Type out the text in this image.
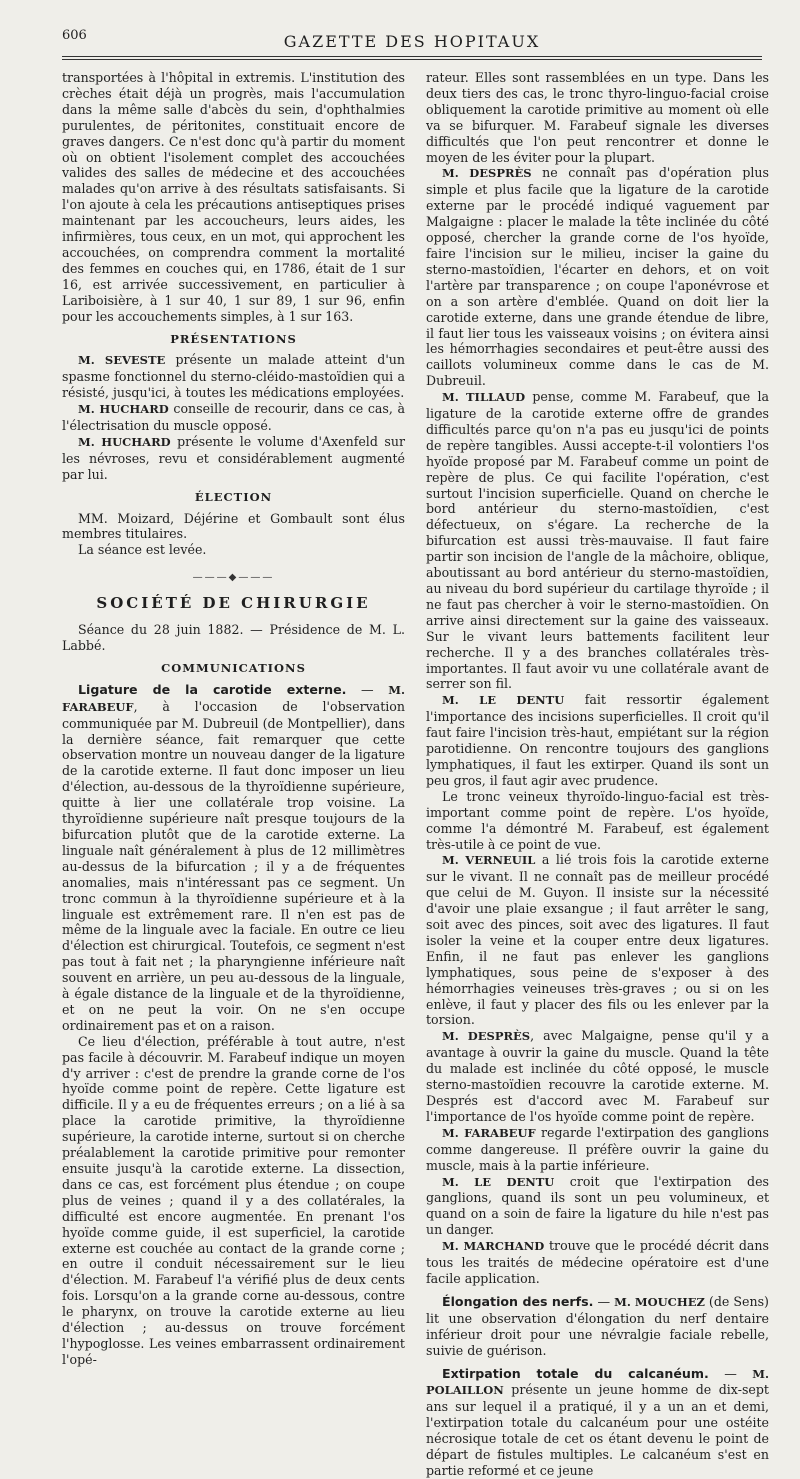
606	GAZETTE DES HOPITAUX

transportées à l'hôpital in extremis. L'institution des crèches était déjà un progrès, mais l'accumulation dans la même salle d'abcès du sein, d'ophthalmies purulentes, de péritonites, constituait encore de graves dangers. Ce n'est donc qu'à partir du moment où on obtient l'isolement complet des accouchées valides des salles de médecine et des accouchées malades qu'on arrive à des résultats satisfaisants. Si l'on ajoute à cela les précautions antiseptiques prises maintenant par les accoucheurs, leurs aides, les infirmières, tous ceux, en un mot, qui approchent les accouchées, on comprendra comment la mortalité des femmes en couches qui, en 1786, était de 1 sur 16, est arrivée successivement, en particulier à Lariboisière, à 1 sur 40, 1 sur 89, 1 sur 96, enfin pour les accouchements simples, à 1 sur 163.

PRÉSENTATIONS

M. SEVESTE présente un malade atteint d'un spasme fonctionnel du sterno-cléido-mastoïdien qui a résisté, jusqu'ici, à toutes les médications employées.

M. HUCHARD conseille de recourir, dans ce cas, à l'électrisation du muscle opposé.

M. HUCHARD présente le volume d'Axenfeld sur les névroses, revu et considérablement augmenté par lui.

ÉLECTION

MM. Moizard, Déjérine et Gombault sont élus membres titulaires.

La séance est levée.

———◆———
SOCIÉTÉ DE CHIRURGIE

Séance du 28 juin 1882. — Présidence de M. L. Labbé.

COMMUNICATIONS

Ligature de la carotide externe. — M. FARABEUF, à l'occasion de l'observation communiquée par M. Dubreuil (de Montpellier), dans la dernière séance, fait remarquer que cette observation montre un nouveau danger de la ligature de la carotide externe. Il faut donc imposer un lieu d'élection, au-dessous de la thyroïdienne supérieure, quitte à lier une collatérale trop voisine. La thyroïdienne supérieure naît presque toujours de la bifurcation plutôt que de la carotide externe. La linguale naît généralement à plus de 12 millimètres au-dessus de la bifurcation ; il y a de fréquentes anomalies, mais n'intéressant pas ce segment. Un tronc commun à la thyroïdienne supérieure et à la linguale est extrêmement rare. Il n'en est pas de même de la linguale avec la faciale. En outre ce lieu d'élection est chirurgical. Toutefois, ce segment n'est pas tout à fait net ; la pharyngienne inférieure naît souvent en arrière, un peu au-dessous de la linguale, à égale distance de la linguale et de la thyroïdienne, et on ne peut la voir. On ne s'en occupe ordinairement pas et on a raison.

Ce lieu d'élection, préférable à tout autre, n'est pas facile à découvrir. M. Farabeuf indique un moyen d'y arriver : c'est de prendre la grande corne de l'os hyoïde comme point de repère. Cette ligature est difficile. Il y a eu de fréquentes erreurs ; on a lié à sa place la carotide primitive, la thyroïdienne supérieure, la carotide interne, surtout si on cherche préalablement la carotide primitive pour remonter ensuite jusqu'à la carotide externe. La dissection, dans ce cas, est forcément plus étendue ; on coupe plus de veines ; quand il y a des collatérales, la difficulté est encore augmentée. En prenant l'os hyoïde comme guide, il est superficiel, la carotide externe est couchée au contact de la grande corne ; en outre il conduit nécessairement sur le lieu d'élection. M. Farabeuf l'a vérifié plus de deux cents fois. Lorsqu'on a la grande corne au-dessous, contre le pharynx, on trouve la carotide externe au lieu d'élection ; au-dessus on trouve forcément l'hypoglosse. Les veines embarrassent ordinairement l'opé-

rateur. Elles sont rassemblées en un type. Dans les deux tiers des cas, le tronc thyro-linguo-facial croise obliquement la carotide primitive au moment où elle va se bifurquer. M. Farabeuf signale les diverses difficultés que l'on peut rencontrer et donne le moyen de les éviter pour la plupart.

M. DESPRÈS ne connaît pas d'opération plus simple et plus facile que la ligature de la carotide externe par le procédé indiqué vaguement par Malgaigne : placer le malade la tête inclinée du côté opposé, chercher la grande corne de l'os hyoïde, faire l'incision sur le milieu, inciser la gaine du sterno-mastoïdien, l'écarter en dehors, et on voit l'artère par transparence ; on coupe l'aponévrose et on a son artère d'emblée. Quand on doit lier la carotide externe, dans une grande étendue de libre, il faut lier tous les vaisseaux voisins ; on évitera ainsi les hémorrhagies secondaires et peut-être aussi des caillots volumineux comme dans le cas de M. Dubreuil.

M. TILLAUD pense, comme M. Farabeuf, que la ligature de la carotide externe offre de grandes difficultés parce qu'on n'a pas eu jusqu'ici de points de repère tangibles. Aussi accepte-t-il volontiers l'os hyoïde proposé par M. Farabeuf comme un point de repère de plus. Ce qui facilite l'opération, c'est surtout l'incision superficielle. Quand on cherche le bord antérieur du sterno-mastoïdien, c'est défectueux, on s'égare. La recherche de la bifurcation est aussi très-mauvaise. Il faut faire partir son incision de l'angle de la mâchoire, oblique, aboutissant au bord antérieur du sterno-mastoïdien, au niveau du bord supérieur du cartilage thyroïde ; il ne faut pas chercher à voir le sterno-mastoïdien. On arrive ainsi directement sur la gaine des vaisseaux. Sur le vivant leurs battements facilitent leur recherche. Il y a des branches collatérales très-importantes. Il faut avoir vu une collatérale avant de serrer son fil.

M. LE DENTU fait ressortir également l'importance des incisions superficielles. Il croit qu'il faut faire l'incision très-haut, empiétant sur la région parotidienne. On rencontre toujours des ganglions lymphatiques, il faut les extirper. Quand ils sont un peu gros, il faut agir avec prudence.

Le tronc veineux thyroïdo-linguo-facial est très-important comme point de repère. L'os hyoïde, comme l'a démontré M. Farabeuf, est également très-utile à ce point de vue.

M. VERNEUIL a lié trois fois la carotide externe sur le vivant. Il ne connaît pas de meilleur procédé que celui de M. Guyon. Il insiste sur la nécessité d'avoir une plaie exsangue ; il faut arrêter le sang, soit avec des pinces, soit avec des ligatures. Il faut isoler la veine et la couper entre deux ligatures. Enfin, il ne faut pas enlever les ganglions lymphatiques, sous peine de s'exposer à des hémorrhagies veineuses très-graves ; ou si on les enlève, il faut y placer des fils ou les enlever par la torsion.

M. DESPRÈS, avec Malgaigne, pense qu'il y a avantage à ouvrir la gaine du muscle. Quand la tête du malade est inclinée du côté opposé, le muscle sterno-mastoïdien recouvre la carotide externe. M. Després est d'accord avec M. Farabeuf sur l'importance de l'os hyoïde comme point de repère.

M. FARABEUF regarde l'extirpation des ganglions comme dangereuse. Il préfère ouvrir la gaine du muscle, mais à la partie inférieure.

M. LE DENTU croit que l'extirpation des ganglions, quand ils sont un peu volumineux, et quand on a soin de faire la ligature du hile n'est pas un danger.

M. MARCHAND trouve que le procédé décrit dans tous les traités de médecine opératoire est d'une facile application.

Élongation des nerfs. — M. MOUCHEZ (de Sens) lit une observation d'élongation du nerf dentaire inférieur droit pour une névralgie faciale rebelle, suivie de guérison.

Extirpation totale du calcanéum. — M. POLAILLON présente un jeune homme de dix-sept ans sur lequel il a pratiqué, il y a un an et demi, l'extirpation totale du calcanéum pour une ostéite nécrosique totale de cet os étant devenu le point de départ de fistules multiples. Le calcanéum s'est en partie reformé et ce jeune
